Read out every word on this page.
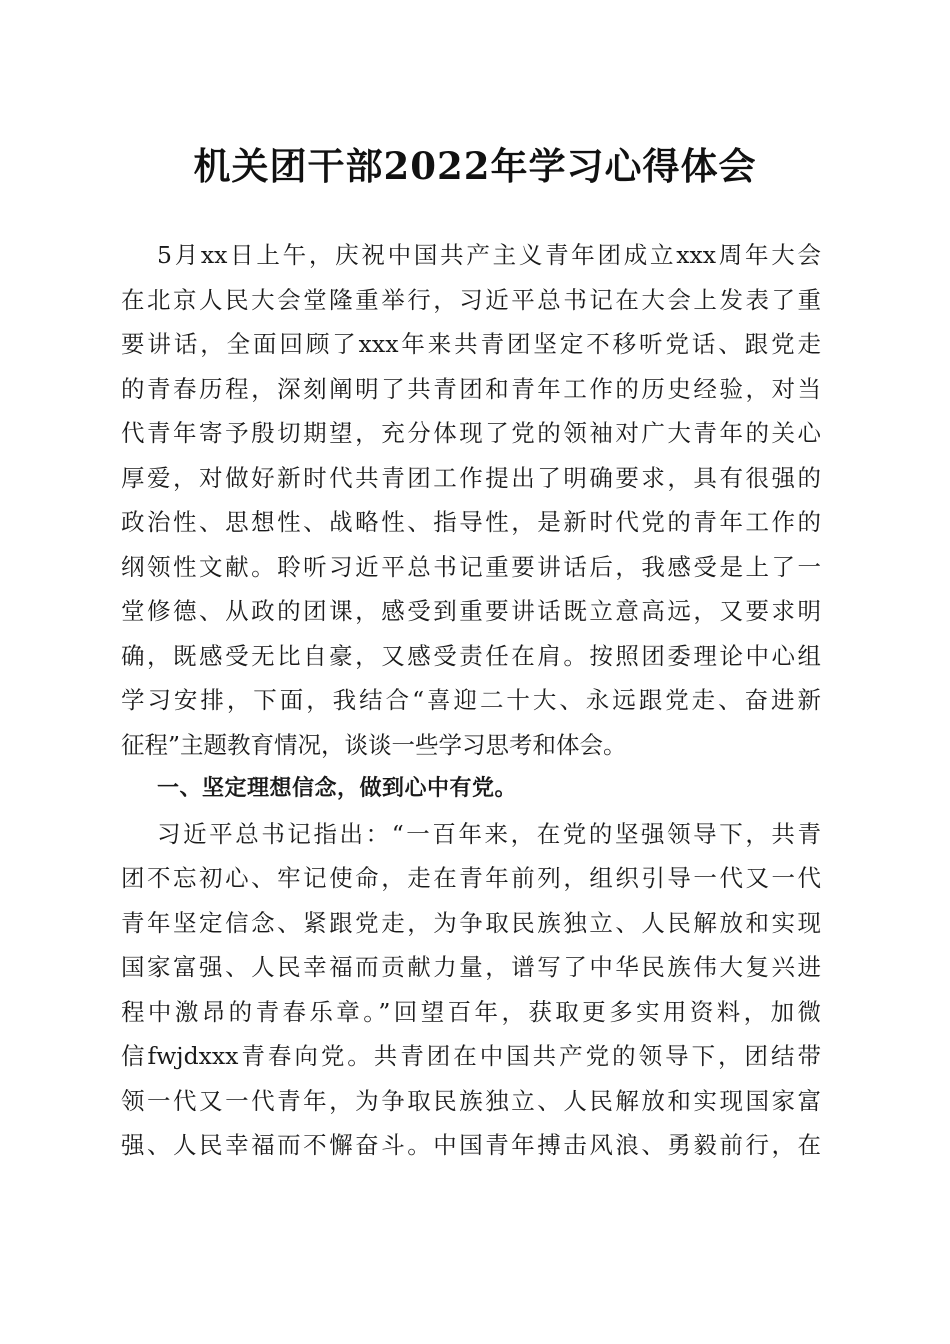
机关团干部2022年学习心得体会
5月xx日上午，庆祝中国共产主义青年团成立xxx周年大会
在北京人民大会堂隆重举行，习近平总书记在大会上发表了重
要讲话，全面回顾了xxx年来共青团坚定不移听党话、跟党走
的青春历程，深刻阐明了共青团和青年工作的历史经验，对当
代青年寄予殷切期望，充分体现了党的领袖对广大青年的关心
厚爱，对做好新时代共青团工作提出了明确要求，具有很强的
政治性、思想性、战略性、指导性，是新时代党的青年工作的
纲领性文献。聆听习近平总书记重要讲话后，我感受是上了一
堂修德、从政的团课，感受到重要讲话既立意高远，又要求明
确，既感受无比自豪，又感受责任在肩。按照团委理论中心组
学习安排，下面，我结合“喜迎二十大、永远跟党走、奋进新
征程”主题教育情况，谈谈一些学习思考和体会。
一、坚定理想信念，做到心中有党。
习近平总书记指出：“一百年来，在党的坚强领导下，共青
团不忘初心、牢记使命，走在青年前列，组织引导一代又一代
青年坚定信念、紧跟党走，为争取民族独立、人民解放和实现
国家富强、人民幸福而贡献力量，谱写了中华民族伟大复兴进
程中激昂的青春乐章。”回望百年，获取更多实用资料，加微
信fwjdxxx青春向党。共青团在中国共产党的领导下，团结带
领一代又一代青年，为争取民族独立、人民解放和实现国家富
强、人民幸福而不懈奋斗。中国青年搏击风浪、勇毅前行，在
